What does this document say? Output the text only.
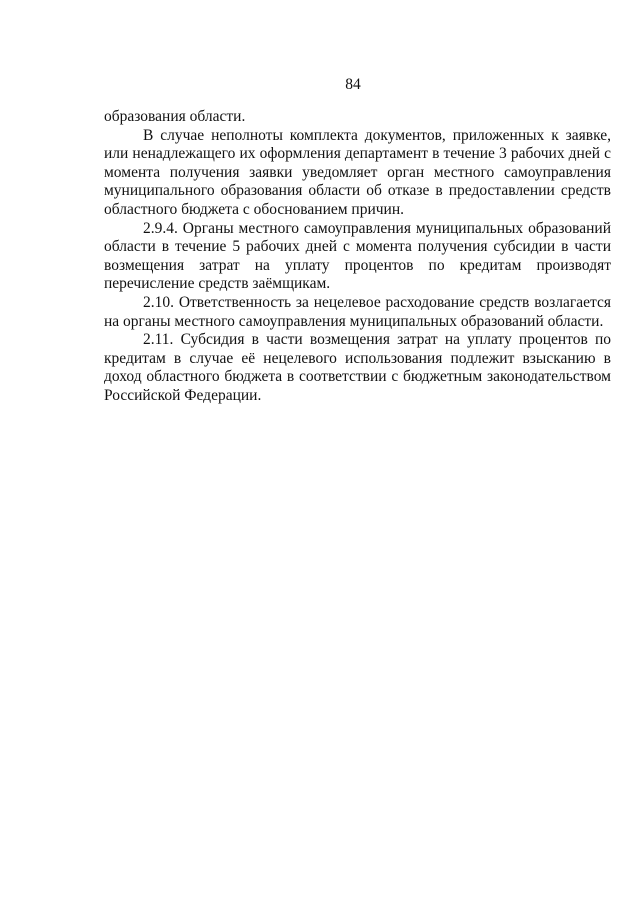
84

образования области.

В случае неполноты комплекта документов, приложенных к заявке, или ненадлежащего их оформления департамент в течение 3 рабочих дней с момента получения заявки уведомляет орган местного самоуправления муниципального образования области об отказе в предоставлении средств областного бюджета с обоснованием причин.

2.9.4. Органы местного самоуправления муниципальных образований области в течение 5 рабочих дней с момента получения субсидии в части возмещения затрат на уплату процентов по кредитам производят перечисление средств заёмщикам.

2.10. Ответственность за нецелевое расходование средств возлагается на органы местного самоуправления муниципальных образований области.

2.11. Субсидия в части возмещения затрат на уплату процентов по кредитам в случае её нецелевого использования подлежит взысканию в доход областного бюджета в соответствии с бюджетным законодательством Российской Федерации.
